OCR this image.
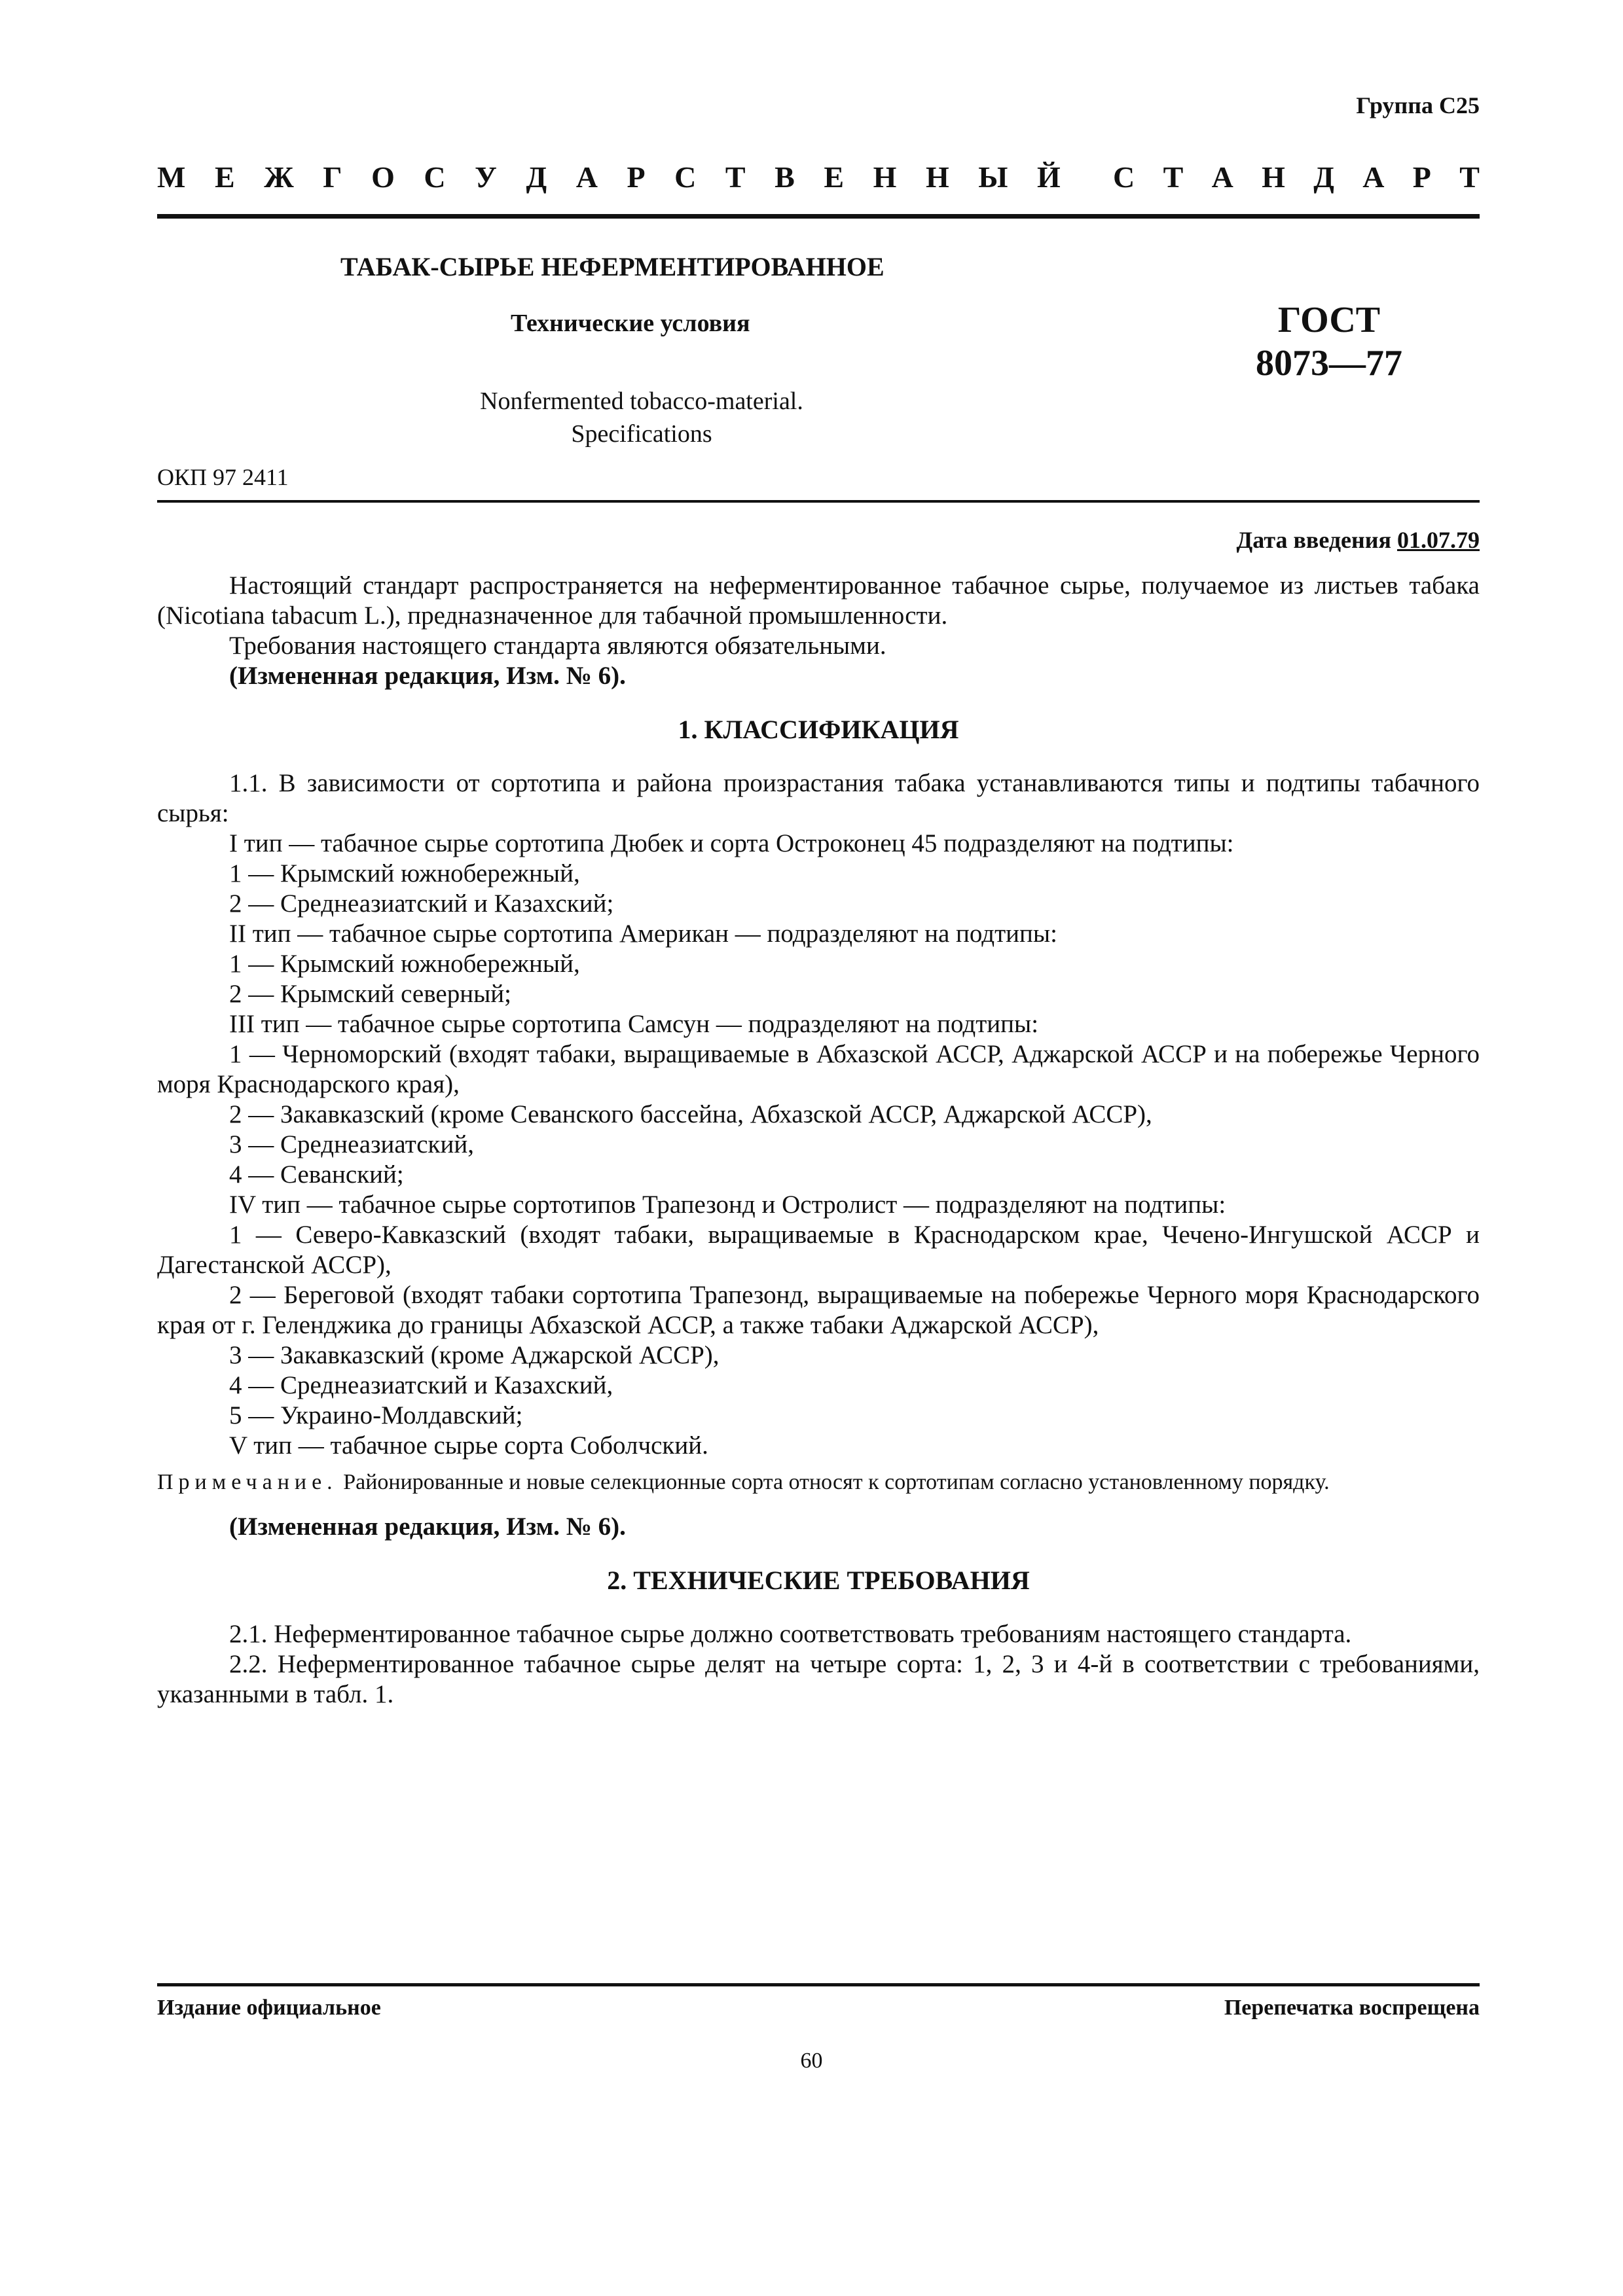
Группа С25
М Е Ж Г О С У Д А Р С Т В Е Н Н Ы Й С Т А Н Д А Р Т
ТАБАК-СЫРЬЕ НЕФЕРМЕНТИРОВАННОЕ
Технические условия	ГОСТ
8073—77
Nonfermented tobacco-material.
Specifications
ОКП 97 2411
Дата введения 01.07.79

Настоящий стандарт распространяется на неферментированное табачное сырье, получаемое из листьев табака (Nicotiana tabacum L.), предназначенное для табачной промышленности.

Требования настоящего стандарта являются обязательными.

(Измененная редакция, Изм. № 6).

1. КЛАССИФИКАЦИЯ

1.1. В зависимости от сортотипа и района произрастания табака устанавливаются типы и подтипы табачного сырья:

I тип — табачное сырье сортотипа Дюбек и сорта Остроконец 45 подразделяют на подтипы:

1 — Крымский южнобережный,

2 — Среднеазиатский и Казахский;

II тип — табачное сырье сортотипа Американ — подразделяют на подтипы:

1 — Крымский южнобережный,

2 — Крымский северный;

III тип — табачное сырье сортотипа Самсун — подразделяют на подтипы:

1 — Черноморский (входят табаки, выращиваемые в Абхазской АССР, Аджарской АССР и на побережье Черного моря Краснодарского края),

2 — Закавказский (кроме Севанского бассейна, Абхазской АССР, Аджарской АССР),

3 — Среднеазиатский,

4 — Севанский;

IV тип — табачное сырье сортотипов Трапезонд и Остролист — подразделяют на подтипы:

1 — Северо-Кавказский (входят табаки, выращиваемые в Краснодарском крае, Чечено-Ингушской АССР и Дагестанской АССР),

2 — Береговой (входят табаки сортотипа Трапезонд, выращиваемые на побережье Черного моря Краснодарского края от г. Геленджика до границы Абхазской АССР, а также табаки Аджарской АССР),

3 — Закавказский (кроме Аджарской АССР),

4 — Среднеазиатский и Казахский,

5 — Украино-Молдавский;

V тип — табачное сырье сорта Соболчский.

Примечание. Районированные и новые селекционные сорта относят к сортотипам согласно установленному порядку.

(Измененная редакция, Изм. № 6).

2. ТЕХНИЧЕСКИЕ ТРЕБОВАНИЯ

2.1. Неферментированное табачное сырье должно соответствовать требованиям настоящего стандарта.

2.2. Неферментированное табачное сырье делят на четыре сорта: 1, 2, 3 и 4-й в соответствии с требованиями, указанными в табл. 1.

Издание официальное	Перепечатка воспрещена
60
